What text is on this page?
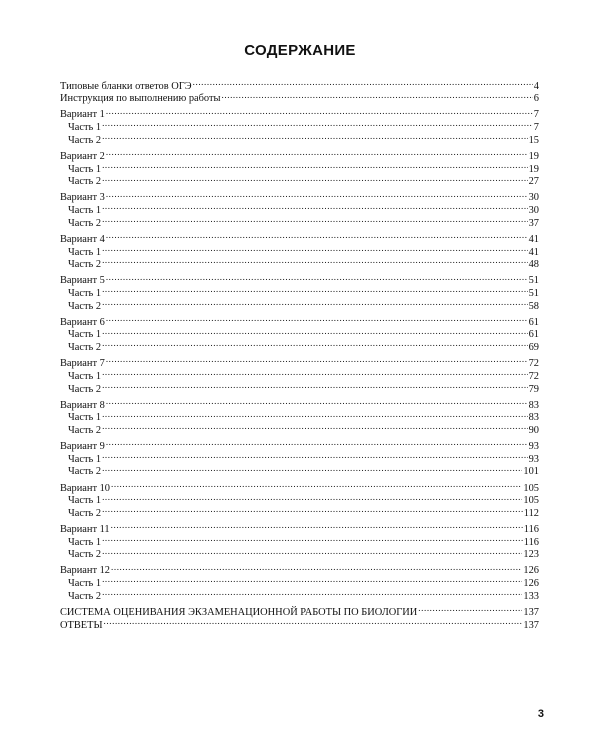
СОДЕРЖАНИЕ
Типовые бланки ответов ОГЭ .....	4
Инструкция по выполнению работы .....	6
Вариант 1 .....	7
Часть 1 .....	7
Часть 2 .....	15
Вариант 2 .....	19
Часть 1 .....	19
Часть 2 .....	27
Вариант 3 .....	30
Часть 1 .....	30
Часть 2 .....	37
Вариант 4 .....	41
Часть 1 .....	41
Часть 2 .....	48
Вариант 5 .....	51
Часть 1 .....	51
Часть 2 .....	58
Вариант 6 .....	61
Часть 1 .....	61
Часть 2 .....	69
Вариант 7 .....	72
Часть 1 .....	72
Часть 2 .....	79
Вариант 8 .....	83
Часть 1 .....	83
Часть 2 .....	90
Вариант 9 .....	93
Часть 1 .....	93
Часть 2 .....	101
Вариант 10 .....	105
Часть 1 .....	105
Часть 2 .....	112
Вариант 11 .....	116
Часть 1 .....	116
Часть 2 .....	123
Вариант 12 .....	126
Часть 1 .....	126
Часть 2 .....	133
СИСТЕМА ОЦЕНИВАНИЯ ЭКЗАМЕНАЦИОННОЙ РАБОТЫ ПО БИОЛОГИИ .....	137
ОТВЕТЫ .....	137
3
